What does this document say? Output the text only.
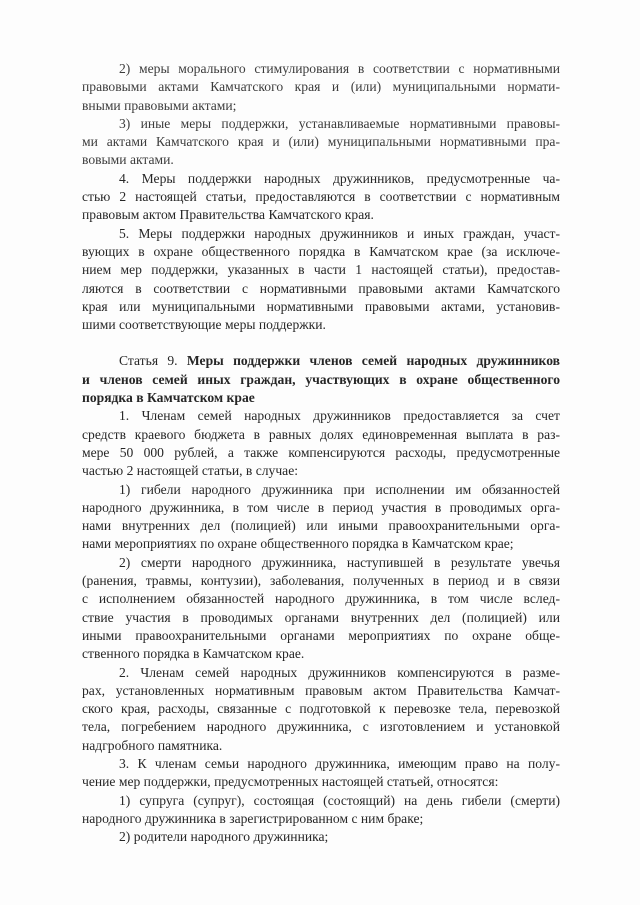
2) меры морального стимулирования в соответствии с нормативными
правовыми актами Камчатского края и (или) муниципальными нормати-
вными правовыми актами;

3) иные меры поддержки, устанавливаемые нормативными правовы-
ми актами Камчатского края и (или) муниципальными нормативными пра-
вовыми актами.

4. Меры поддержки народных дружинников, предусмотренные ча-
стью 2 настоящей статьи, предоставляются в соответствии с нормативным
правовым актом Правительства Камчатского края.

5. Меры поддержки народных дружинников и иных граждан, участ-
вующих в охране общественного порядка в Камчатском крае (за исключе-
нием мер поддержки, указанных в части 1 настоящей статьи), предостав-
ляются в соответствии с нормативными правовыми актами Камчатского
края или муниципальными нормативными правовыми актами, установив-
шими соответствующие меры поддержки.

Статья 9. Меры поддержки членов семей народных дружинников
и членов семей иных граждан, участвующих в охране общественного
порядка в Камчатском крае

1. Членам семей народных дружинников предоставляется за счет
средств краевого бюджета в равных долях единовременная выплата в раз-
мере 50 000 рублей, а также компенсируются расходы, предусмотренные
частью 2 настоящей статьи, в случае:

1) гибели народного дружинника при исполнении им обязанностей
народного дружинника, в том числе в период участия в проводимых орга-
нами внутренних дел (полицией) или иными правоохранительными орга-
нами мероприятиях по охране общественного порядка в Камчатском крае;

2) смерти народного дружинника, наступившей в результате увечья
(ранения, травмы, контузии), заболевания, полученных в период и в связи
с исполнением обязанностей народного дружинника, в том числе вслед-
ствие участия в проводимых органами внутренних дел (полицией) или
иными правоохранительными органами мероприятиях по охране обще-
ственного порядка в Камчатском крае.

2. Членам семей народных дружинников компенсируются в разме-
рах, установленных нормативным правовым актом Правительства Камчат-
ского края, расходы, связанные с подготовкой к перевозке тела, перевозкой
тела, погребением народного дружинника, с изготовлением и установкой
надгробного памятника.

3. К членам семьи народного дружинника, имеющим право на полу-
чение мер поддержки, предусмотренных настоящей статьей, относятся:

1) супруга (супруг), состоящая (состоящий) на день гибели (смерти)
народного дружинника в зарегистрированном с ним браке;

2) родители народного дружинника;
